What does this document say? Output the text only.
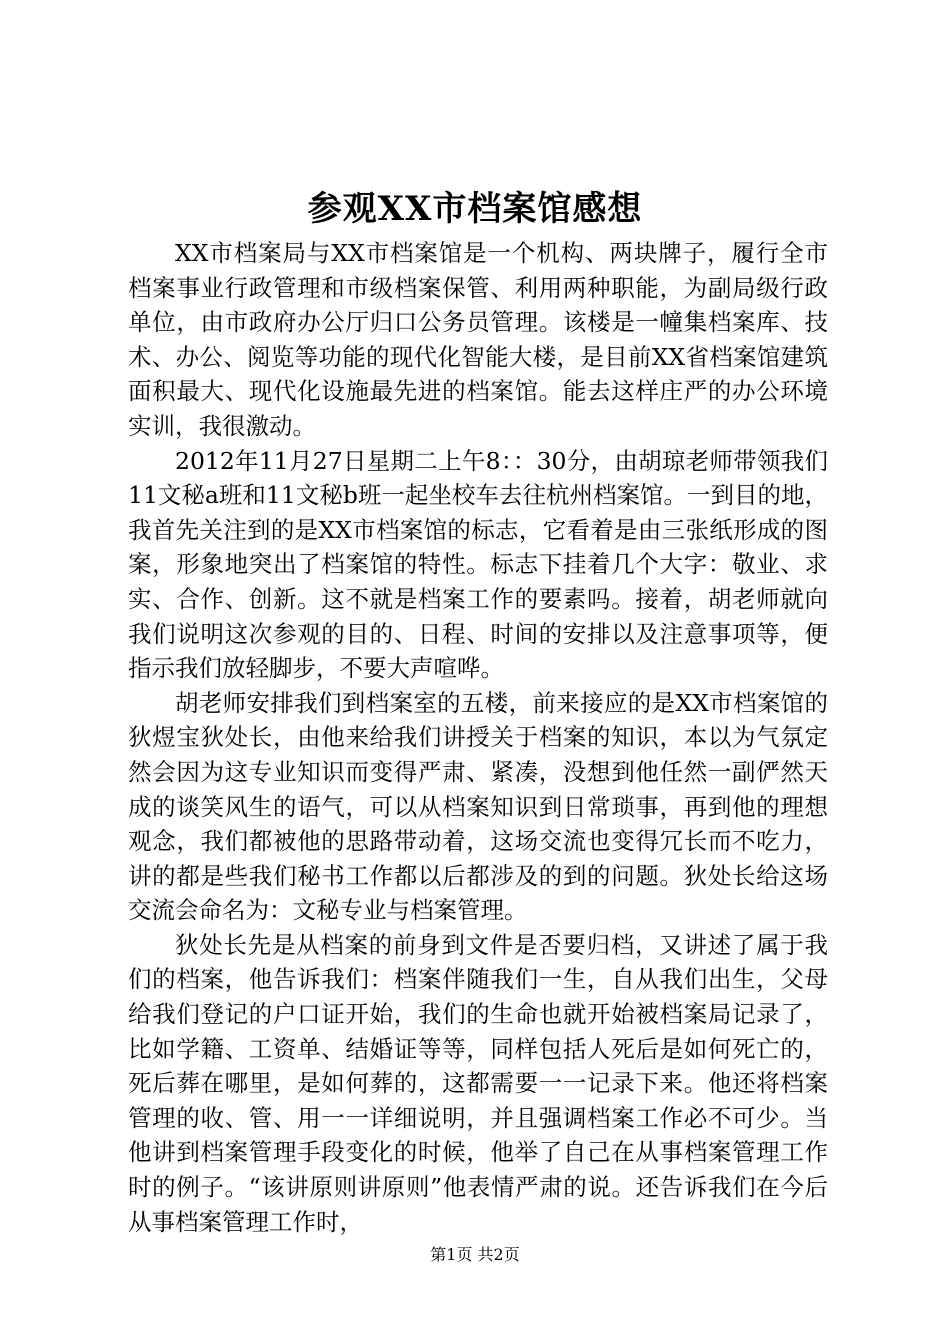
参观XX市档案馆感想

XX市档案局与XX市档案馆是一个机构、两块牌子，履行全市档案事业行政管理和市级档案保管、利用两种职能，为副局级行政单位，由市政府办公厅归口公务员管理。该楼是一幢集档案库、技术、办公、阅览等功能的现代化智能大楼，是目前XX省档案馆建筑面积最大、现代化设施最先进的档案馆。能去这样庄严的办公环境实训，我很激动。

2012年11月27日星期二上午8：：30分，由胡琼老师带领我们11文秘a班和11文秘b班一起坐校车去往杭州档案馆。一到目的地，我首先关注到的是XX市档案馆的标志，它看着是由三张纸形成的图案，形象地突出了档案馆的特性。标志下挂着几个大字：敬业、求实、合作、创新。这不就是档案工作的要素吗。接着，胡老师就向我们说明这次参观的目的、日程、时间的安排以及注意事项等，便指示我们放轻脚步，不要大声喧哗。

胡老师安排我们到档案室的五楼，前来接应的是XX市档案馆的狄煜宝狄处长，由他来给我们讲授关于档案的知识，本以为气氛定然会因为这专业知识而变得严肃、紧凑，没想到他任然一副俨然天成的谈笑风生的语气，可以从档案知识到日常琐事，再到他的理想观念，我们都被他的思路带动着，这场交流也变得冗长而不吃力，讲的都是些我们秘书工作都以后都涉及的到的问题。狄处长给这场交流会命名为：文秘专业与档案管理。

狄处长先是从档案的前身到文件是否要归档，又讲述了属于我们的档案，他告诉我们：档案伴随我们一生，自从我们出生，父母给我们登记的户口证开始，我们的生命也就开始被档案局记录了，比如学籍、工资单、结婚证等等，同样包括人死后是如何死亡的，死后葬在哪里，是如何葬的，这都需要一一记录下来。他还将档案管理的收、管、用一一详细说明，并且强调档案工作必不可少。当他讲到档案管理手段变化的时候，他举了自己在从事档案管理工作时的例子。“该讲原则讲原则”他表情严肃的说。还告诉我们在今后从事档案管理工作时，

第1页 共2页
